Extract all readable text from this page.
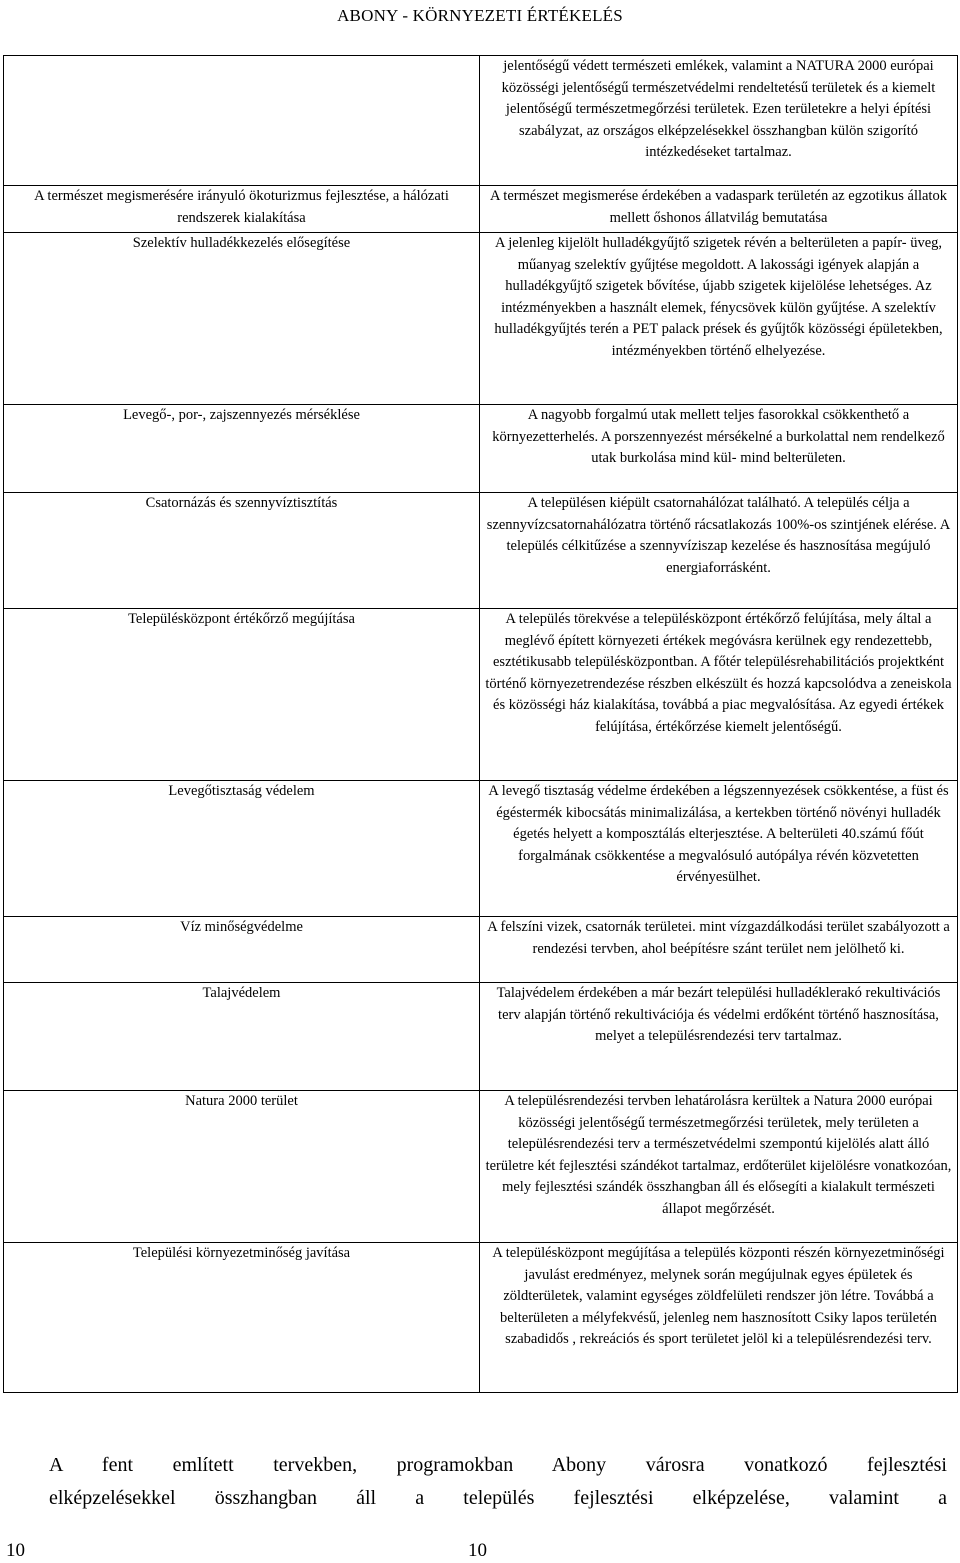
ABONY - KÖRNYEZETI ÉRTÉKELÉS

	jelentőségű védett természeti emlékek, valamint a NATURA 2000 európai közösségi jelentőségű természetvédelmi rendeltetésű területek és a kiemelt jelentőségű természetmegőrzési területek. Ezen területekre a helyi építési szabályzat, az országos elképzelésekkel összhangban külön szigorító intézkedéseket tartalmaz.

A természet megismerésére irányuló ökoturizmus fejlesztése, a hálózati rendszerek kialakítása	A természet megismerése érdekében a vadaspark területén az egzotikus állatok mellett őshonos állatvilág bemutatása

Szelektív hulladékkezelés elősegítése	A jelenleg kijelölt hulladékgyűjtő szigetek révén a belterületen a papír- üveg, műanyag szelektív gyűjtése megoldott. A lakossági igények alapján a hulladékgyűjtő szigetek bővítése, újabb szigetek kijelölése lehetséges. Az intézményekben a használt elemek, fénycsövek külön gyűjtése. A szelektív hulladékgyűjtés terén a PET palack prések és gyűjtők közösségi épületekben, intézményekben történő elhelyezése.

Levegő-, por-, zajszennyezés mérséklése	A nagyobb forgalmú utak mellett teljes fasorokkal csökkenthető a környezetterhelés. A porszennyezést mérsékelné a burkolattal nem rendelkező utak burkolása mind kül- mind belterületen.

Csatornázás és szennyvíztisztítás	A településen kiépült csatornahálózat található. A település célja a szennyvízcsatornahálózatra történő rácsatlakozás 100%-os szintjének elérése. A település célkitűzése a szennyvíziszap kezelése és hasznosítása megújuló energiaforrásként.

Településközpont értékőrző megújítása	A település törekvése a településközpont értékőrző felújítása, mely által a meglévő épített környezeti értékek megóvásra kerülnek egy rendezettebb, esztétikusabb településközpontban. A főtér településrehabilitációs projektként történő környezetrendezése részben elkészült és hozzá kapcsolódva a zeneiskola és közösségi ház kialakítása, továbbá a piac megvalósítása. Az egyedi értékek felújítása, értékőrzése kiemelt jelentőségű.

Levegőtisztaság védelem	A levegő tisztaság védelme érdekében a légszennyezések csökkentése, a füst és égéstermék kibocsátás minimalizálása, a kertekben történő növényi hulladék égetés helyett a komposztálás elterjesztése. A belterületi 40.számú főút forgalmának csökkentése a megvalósuló autópálya révén közvetetten érvényesülhet.

Víz minőségvédelme	A felszíni vizek, csatornák területei. mint vízgazdálkodási terület szabályozott a rendezési tervben, ahol beépítésre szánt terület nem jelölhető ki.

Talajvédelem	Talajvédelem érdekében a már bezárt települési hulladéklerakó rekultivációs terv alapján történő rekultivációja és védelmi erdőként történő hasznosítása, melyet a településrendezési terv tartalmaz.

Natura 2000 terület	A településrendezési tervben lehatárolásra kerültek a Natura 2000 európai közösségi jelentőségű természetmegőrzési területek, mely területen a településrendezési terv a természetvédelmi szempontú kijelölés alatt álló területre két fejlesztési szándékot tartalmaz, erdőterület kijelölésre vonatkozóan, mely fejlesztési szándék összhangban áll és elősegíti a kialakult természeti állapot megőrzését.

Települési környezetminőség javítása	A településközpont megújítása a település központi részén környezetminőségi javulást eredményez, melynek során megújulnak egyes épületek és zöldterületek, valamint egységes zöldfelületi rendszer jön létre. Továbbá a belterületen a mélyfekvésű, jelenleg nem hasznosított Csiky lapos területén szabadidős , rekreációs és sport területet jelöl ki a településrendezési terv.
A fent említett tervekben, programokban Abony városra vonatkozó fejlesztési
elképzelésekkel összhangban áll a település fejlesztési elképzelése, valamint a
10	10
